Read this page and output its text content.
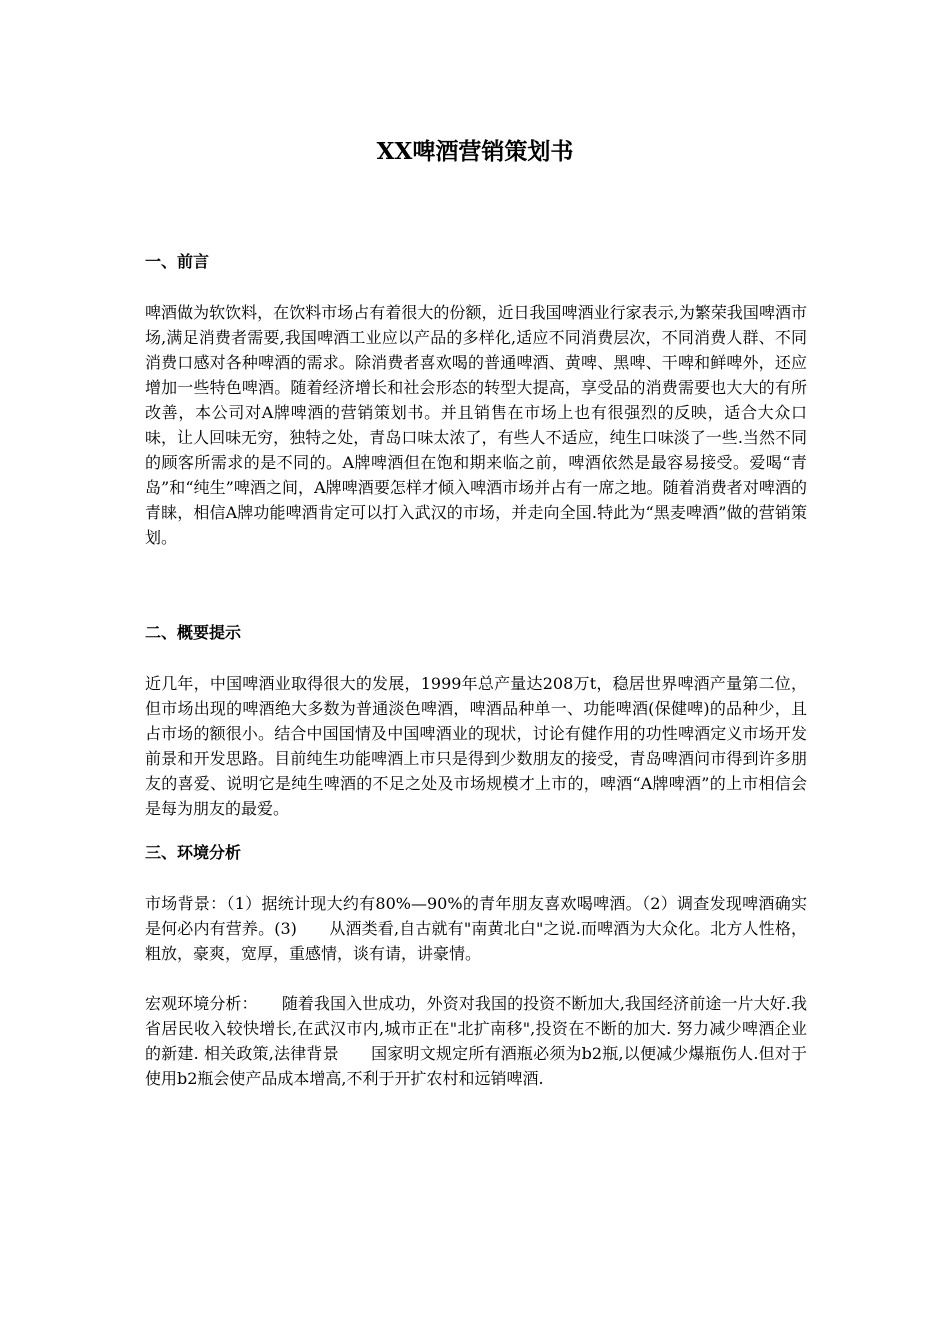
XX啤酒营销策划书
一、前言

啤酒做为软饮料，在饮料市场占有着很大的份额，近日我国啤酒业行家表示,为繁荣我国啤酒市场,满足消费者需要,我国啤酒工业应以产品的多样化,适应不同消费层次，不同消费人群、不同消费口感对各种啤酒的需求。除消费者喜欢喝的普通啤酒、黄啤、黑啤、干啤和鲜啤外，还应增加一些特色啤酒。随着经济增长和社会形态的转型大提高，享受品的消费需要也大大的有所改善，本公司对A牌啤酒的营销策划书。并且销售在市场上也有很强烈的反映，适合大众口味，让人回味无穷，独特之处，青岛口味太浓了，有些人不适应，纯生口味淡了一些.当然不同的顾客所需求的是不同的。A牌啤酒但在饱和期来临之前，啤酒依然是最容易接受。爱喝“青岛”和“纯生”啤酒之间，A牌啤酒要怎样才倾入啤酒市场并占有一席之地。随着消费者对啤酒的青睐，相信A牌功能啤酒肯定可以打入武汉的市场，并走向全国.特此为“黑麦啤酒”做的营销策划。

二、概要提示

近几年，中国啤酒业取得很大的发展，1999年总产量达208万t，稳居世界啤酒产量第二位，但市场出现的啤酒绝大多数为普通淡色啤酒，啤酒品种单一、功能啤酒(保健啤)的品种少，且占市场的额很小。结合中国国情及中国啤酒业的现状，讨论有健作用的功性啤酒定义市场开发前景和开发思路。目前纯生功能啤酒上市只是得到少数朋友的接受，青岛啤酒问市得到许多朋友的喜爱、说明它是纯生啤酒的不足之处及市场规模才上市的，啤酒“A牌啤酒”的上市相信会是每为朋友的最爱。

三、环境分析

市场背景：（1）据统计现大约有80%—90%的青年朋友喜欢喝啤酒。（2）调查发现啤酒确实是何必内有营养。(3)　　从酒类看,自古就有"南黄北白"之说.而啤酒为大众化。北方人性格，粗放，豪爽，宽厚，重感情，谈有请，讲豪情。

宏观环境分析：　　随着我国入世成功，外资对我国的投资不断加大,我国经济前途一片大好.我省居民收入较快增长,在武汉市内,城市正在"北扩南移",投资在不断的加大. 努力减少啤酒企业的新建. 相关政策,法律背景　　国家明文规定所有酒瓶必须为b2瓶,以便减少爆瓶伤人.但对于使用b2瓶会使产品成本增高,不利于开扩农村和远销啤酒.
